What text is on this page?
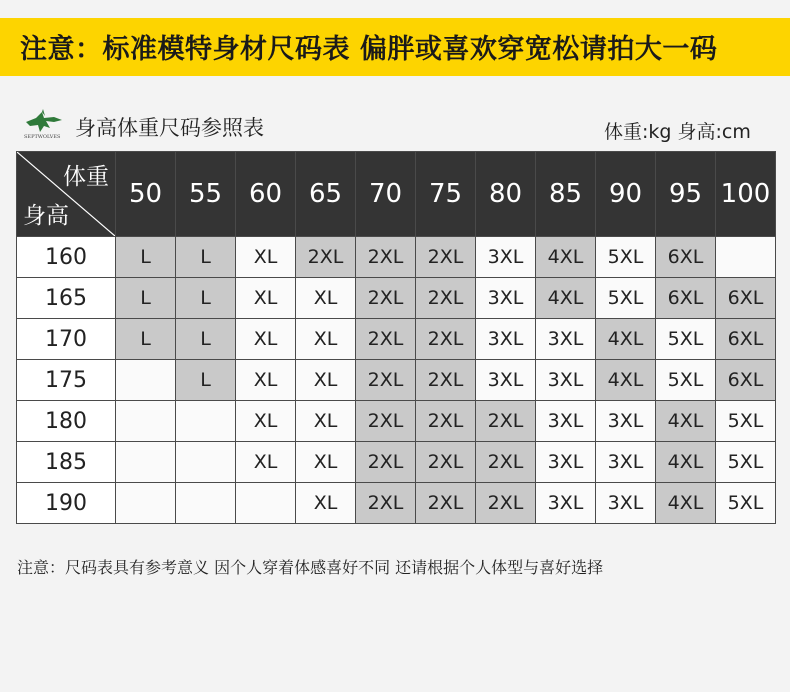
注意：标准模特身材尺码表 偏胖或喜欢穿宽松请拍大一码
SEPTWOLVES 身高体重尺码参照表	体重:kg 身高:cm
体重
身高	50	55	60	65	70	75	80	85	90	95	100
160	L	L	XL	2XL	2XL	2XL	3XL	4XL	5XL	6XL	
165	L	L	XL	XL	2XL	2XL	3XL	4XL	5XL	6XL	6XL
170	L	L	XL	XL	2XL	2XL	3XL	3XL	4XL	5XL	6XL
175		L	XL	XL	2XL	2XL	3XL	3XL	4XL	5XL	6XL
180			XL	XL	2XL	2XL	2XL	3XL	3XL	4XL	5XL
185			XL	XL	2XL	2XL	2XL	3XL	3XL	4XL	5XL
190				XL	2XL	2XL	2XL	3XL	3XL	4XL	5XL
注意：尺码表具有参考意义 因个人穿着体感喜好不同 还请根据个人体型与喜好选择
